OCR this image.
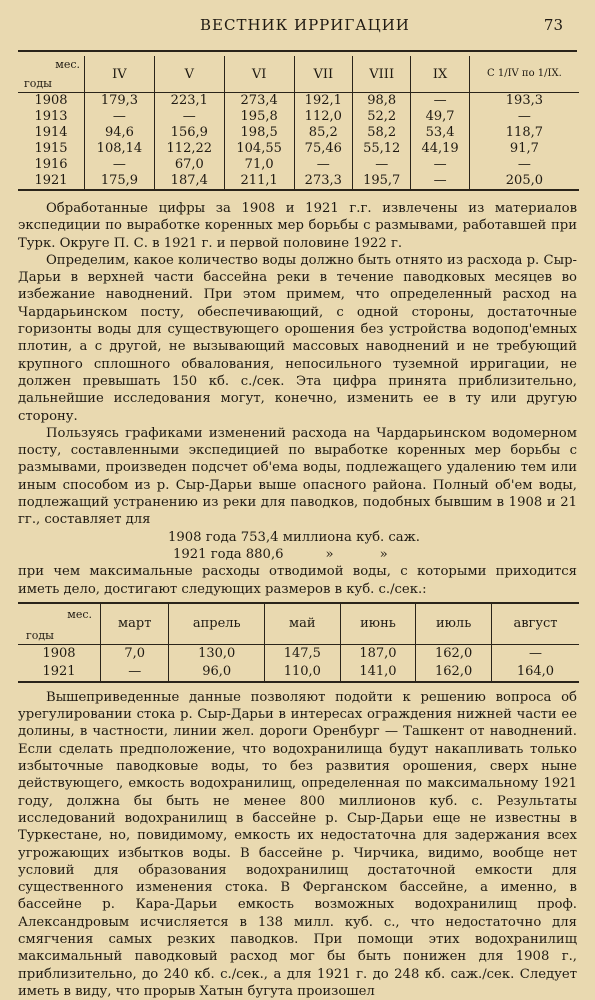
ВЕСТНИК ИРРИГАЦИИ	73
мес.
годы	IV	V	VI	VII	VIII	IX	С 1/IV по 1/IX.
1908	179,3	223,1	273,4	192,1	98,8	—	193,3
1913	—	—	195,8	112,0	52,2	49,7	—
1914	94,6	156,9	198,5	85,2	58,2	53,4	118,7
1915	108,14	112,22	104,55	75,46	55,12	44,19	91,7
1916	—	67,0	71,0	—	—	—	—
1921	175,9	187,4	211,1	273,3	195,7	—	205,0

Обработанные цифры за 1908 и 1921 г.г. извлечены из материалов экспедиции по выработке коренных мер борьбы с размывами, работавшей при Турк. Округе П. С. в 1921 г. и первой половине 1922 г.

Определим, какое количество воды должно быть отнято из расхода р. Сыр-Дарьи в верхней части бассейна реки в течение паводковых месяцев во избежание наводнений. При этом примем, что определенный расход на Чардарьинском посту, обеспечивающий, с одной стороны, достаточные горизонты воды для существующего орошения без устройства водопод'емных плотин, а с другой, не вызывающий массовых наводнений и не требующий крупного сплошного обвалования, непосильного туземной ирригации, не должен превышать 150 кб. с./сек. Эта цифра принята приблизительно, дальнейшие исследования могут, конечно, изменить ее в ту или другую сторону.

Пользуясь графиками изменений расхода на Чардарьинском водомерном посту, составленными экспедицией по выработке коренных мер борьбы с размывами, произведен подсчет об'ема воды, подлежащего удалению тем или иным способом из р. Сыр-Дарьи выше опасного района. Полный об'ем воды, подлежащий устранению из реки для паводков, подобных бывшим в 1908 и 21 гг., составляет для

1908 года 753,4 миллиона куб. саж.

1921 года 880,6          »           »

при чем максимальные расходы отводимой воды, с которыми приходится иметь дело, достигают следующих размеров в куб. с./сек.:

мес.
годы	март	апрель	май	июнь	июль	август
1908	7,0	130,0	147,5	187,0	162,0	—
1921	—	96,0	110,0	141,0	162,0	164,0

Вышеприведенные данные позволяют подойти к решению вопроса об урегулировании стока р. Сыр-Дарьи в интересах ограждения нижней части ее долины, в частности, линии жел. дороги Оренбург — Ташкент от наводнений. Если сделать предположение, что водохранилища будут накапливать только избыточные паводковые воды, то без развития орошения, сверх ныне действующего, емкость водохранилищ, определенная по максимальному 1921 году, должна бы быть не менее 800 миллионов куб. с. Результаты исследований водохранилищ в бассейне р. Сыр-Дарьи еще не известны в Туркестане, но, повидимому, емкость их недостаточна для задержания всех угрожающих избытков воды. В бассейне р. Чирчика, видимо, вообще нет условий для образования водохранилищ достаточной емкости для существенного изменения стока. В Ферганском бассейне, а именно, в бассейне р. Кара-Дарьи емкость возможных водохранилищ проф. Александровым исчисляется в 138 милл. куб. с., что недостаточно для смягчения самых резких паводков. При помощи этих водохранилищ максимальный паводковый расход мог бы быть понижен для 1908 г., приблизительно, до 240 кб. с./сек., а для 1921 г. до 248 кб. саж./сек. Следует иметь в виду, что прорыв Хатын бугута произошел
